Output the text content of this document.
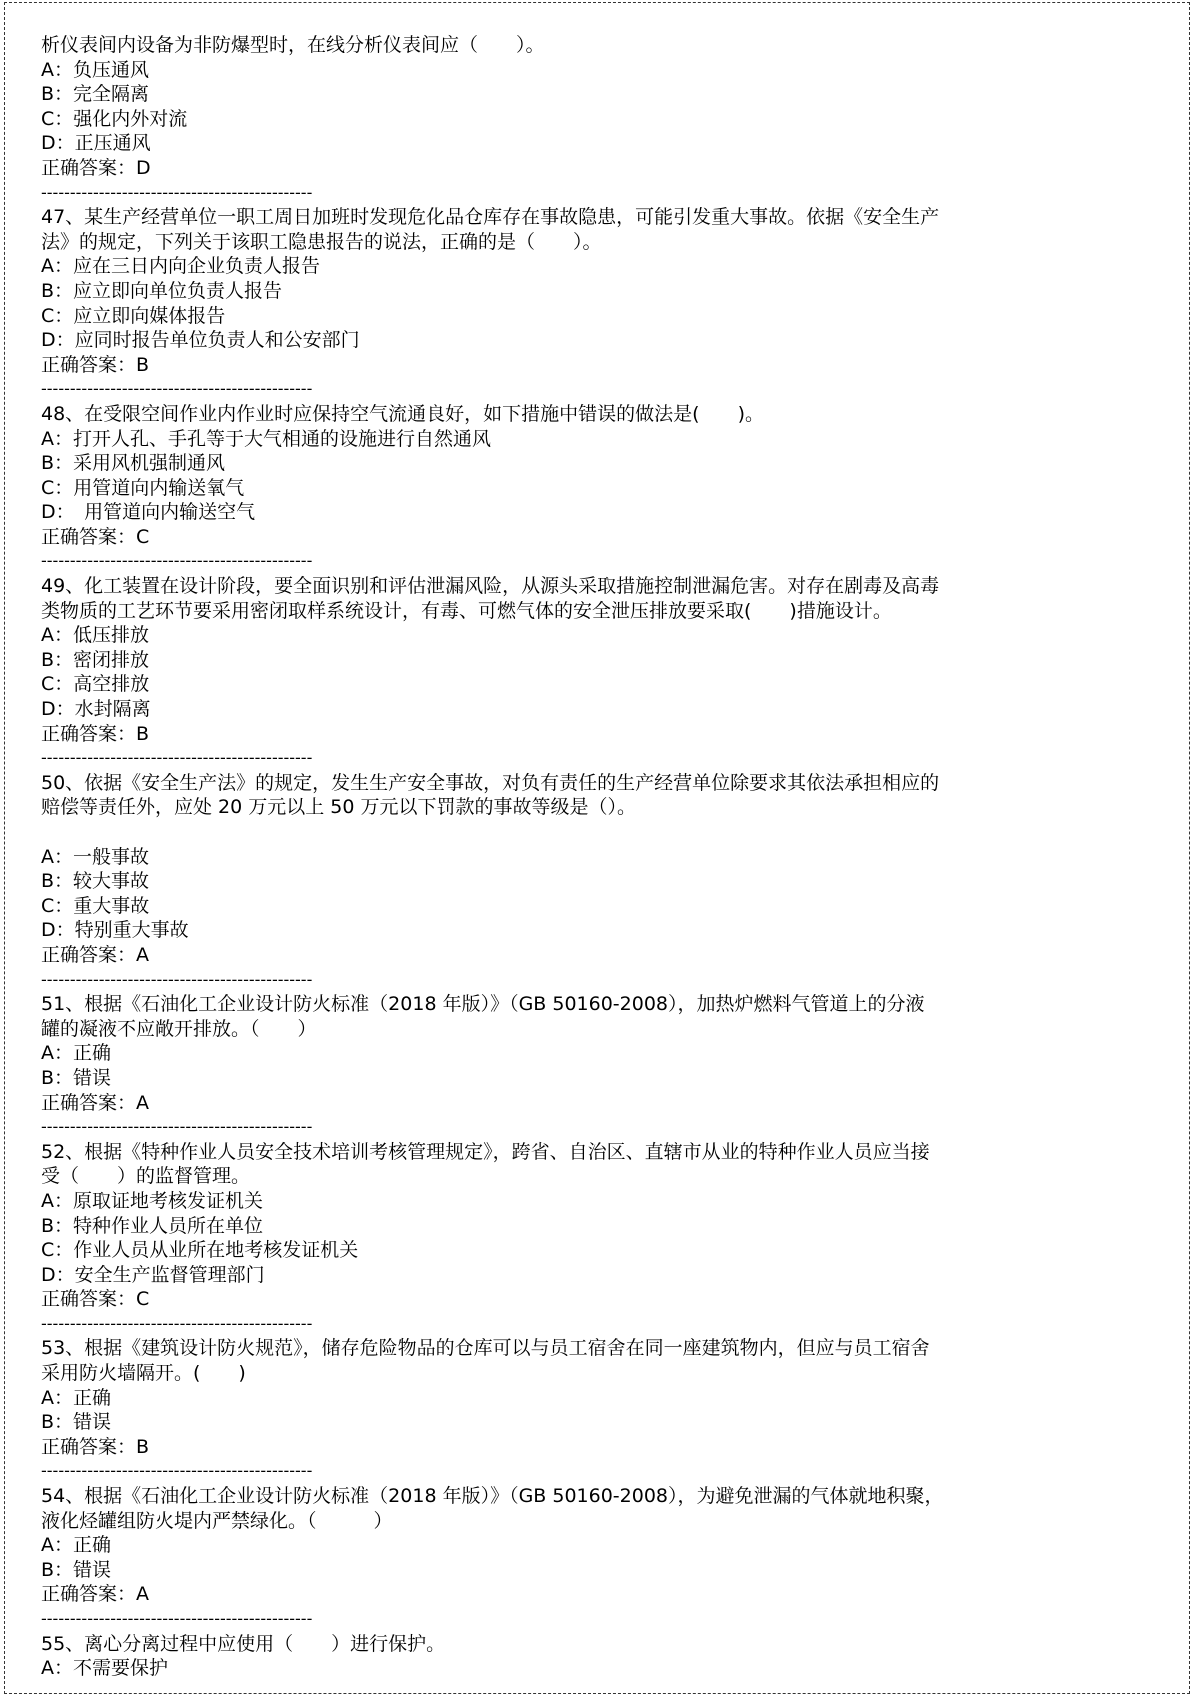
析仪表间内设备为非防爆型时，在线分析仪表间应（　　）。
A：负压通风
B：完全隔离
C：强化内外对流
D：正压通风
正确答案：D
-----------------------------------------------
47、某生产经营单位一职工周日加班时发现危化品仓库存在事故隐患，可能引发重大事故。依据《安全生产
法》的规定，下列关于该职工隐患报告的说法，正确的是（　　）。
A：应在三日内向企业负责人报告
B：应立即向单位负责人报告
C：应立即向媒体报告
D：应同时报告单位负责人和公安部门
正确答案：B
-----------------------------------------------
48、在受限空间作业内作业时应保持空气流通良好，如下措施中错误的做法是(　　)。
A：打开人孔、手孔等于大气相通的设施进行自然通风
B：采用风机强制通风
C：用管道向内输送氧气
D：　用管道向内输送空气
正确答案：C
-----------------------------------------------
49、化工装置在设计阶段，要全面识别和评估泄漏风险，从源头采取措施控制泄漏危害。对存在剧毒及高毒
类物质的工艺环节要采用密闭取样系统设计，有毒、可燃气体的安全泄压排放要采取(　　)措施设计。
A：低压排放
B：密闭排放
C：高空排放
D：水封隔离
正确答案：B
-----------------------------------------------
50、依据《安全生产法》的规定，发生生产安全事故，对负有责任的生产经营单位除要求其依法承担相应的
赔偿等责任外，应处 20 万元以上 50 万元以下罚款的事故等级是（）。
A：一般事故
B：较大事故
C：重大事故
D：特别重大事故
正确答案：A
-----------------------------------------------
51、根据《石油化工企业设计防火标准（2018 年版）》（GB 50160-2008），加热炉燃料气管道上的分液
罐的凝液不应敞开排放。（　　）
A：正确
B：错误
正确答案：A
-----------------------------------------------
52、根据《特种作业人员安全技术培训考核管理规定》，跨省、自治区、直辖市从业的特种作业人员应当接
受（　　）的监督管理。
A：原取证地考核发证机关
B：特种作业人员所在单位
C：作业人员从业所在地考核发证机关
D：安全生产监督管理部门
正确答案：C
-----------------------------------------------
53、根据《建筑设计防火规范》，储存危险物品的仓库可以与员工宿舍在同一座建筑物内，但应与员工宿舍
采用防火墙隔开。(　　)
A：正确
B：错误
正确答案：B
-----------------------------------------------
54、根据《石油化工企业设计防火标准（2018 年版）》（GB 50160-2008），为避免泄漏的气体就地积聚，
液化烃罐组防火堤内严禁绿化。（　　　）
A：正确
B：错误
正确答案：A
-----------------------------------------------
55、离心分离过程中应使用（　　）进行保护。
A：不需要保护
